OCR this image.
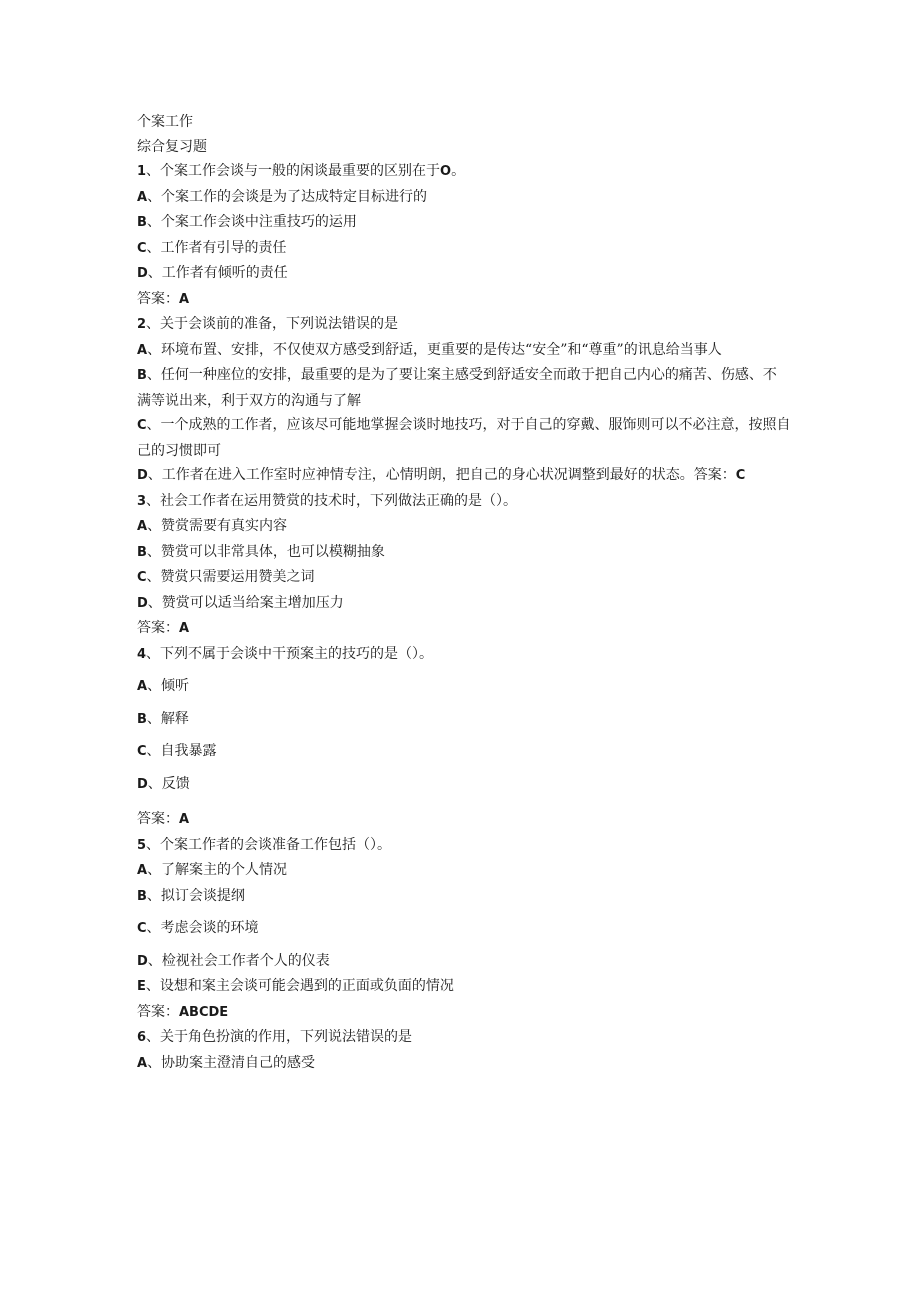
个案工作
综合复习题
1、个案工作会谈与一般的闲谈最重要的区别在于O。
A、个案工作的会谈是为了达成特定目标进行的
B、个案工作会谈中注重技巧的运用
C、工作者有引导的责任
D、工作者有倾听的责任
答案：A
2、关于会谈前的准备，下列说法错误的是
A、环境布置、安排，不仅使双方感受到舒适，更重要的是传达“安全”和“尊重”的讯息给当事人
B、任何一种座位的安排，最重要的是为了要让案主感受到舒适安全而敢于把自己内心的痛苦、伤感、不
满等说出来，利于双方的沟通与了解
C、一个成熟的工作者，应该尽可能地掌握会谈时地技巧，对于自己的穿戴、服饰则可以不必注意，按照自己的习惯即可
D、工作者在进入工作室时应神情专注，心情明朗，把自己的身心状况调整到最好的状态。答案：C
3、社会工作者在运用赞赏的技术时，下列做法正确的是（）。
A、赞赏需要有真实内容
B、赞赏可以非常具体，也可以模糊抽象
C、赞赏只需要运用赞美之词
D、赞赏可以适当给案主增加压力
答案：A
4、下列不属于会谈中干预案主的技巧的是（）。
A、倾听
B、解释
C、自我暴露
D、反馈
答案：A
5、个案工作者的会谈准备工作包括（）。
A、了解案主的个人情况
B、拟订会谈提纲
C、考虑会谈的环境
D、检视社会工作者个人的仪表
E、设想和案主会谈可能会遇到的正面或负面的情况
答案：ABCDE
6、关于角色扮演的作用，下列说法错误的是
A、协助案主澄清自己的感受
